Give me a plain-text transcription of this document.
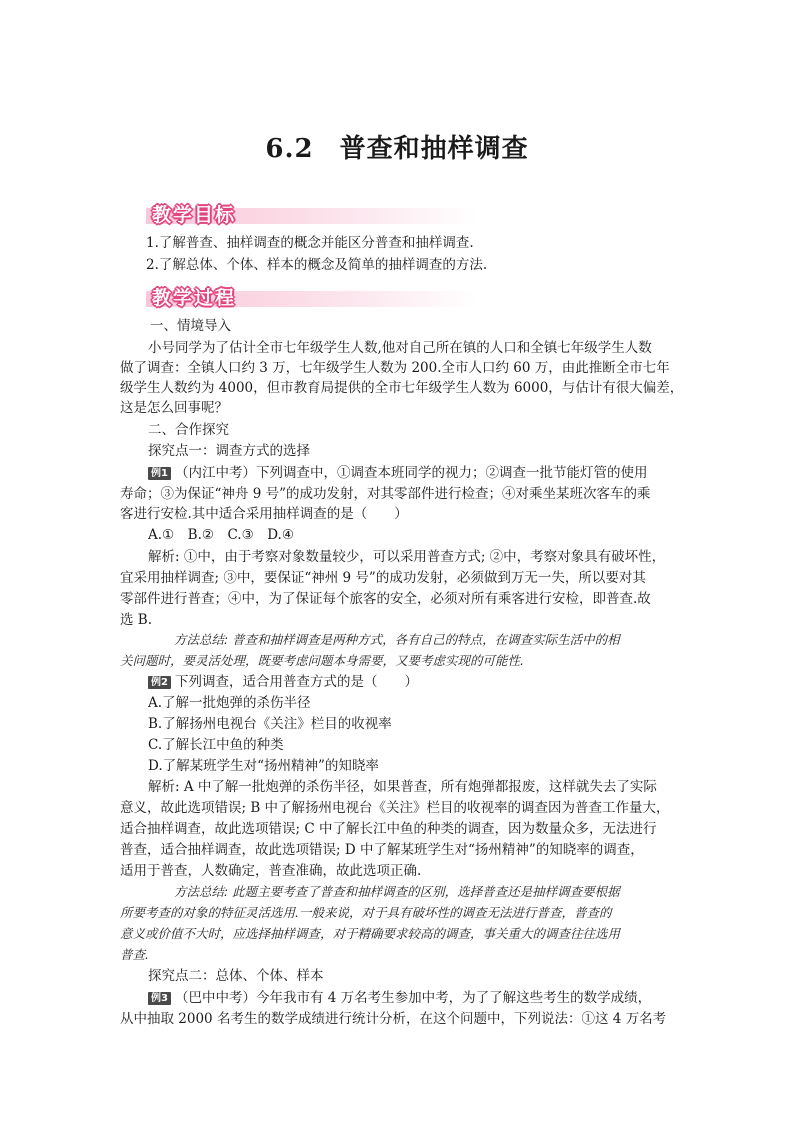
6.2 普查和抽样调查
教学目标
1.了解普查、抽样调查的概念并能区分普查和抽样调查.
2.了解总体、个体、样本的概念及简单的抽样调查的方法.
教学过程
一、情境导入
小号同学为了估计全市七年级学生人数,他对自己所在镇的人口和全镇七年级学生人数
做了调查：全镇人口约 3 万，七年级学生人数为 200.全市人口约 60 万，由此推断全市七年
级学生人数约为 4000，但市教育局提供的全市七年级学生人数为 6000，与估计有很大偏差，
这是怎么回事呢？
二、合作探究
探究点一：调查方式的选择
例1 （内江中考）下列调查中，①调查本班同学的视力；②调查一批节能灯管的使用
寿命；③为保证“神舟 9 号”的成功发射，对其零部件进行检查；④对乘坐某班次客车的乘
客进行安检.其中适合采用抽样调查的是（　　）
A.①　B.②　C.③　D.④
解析: ①中，由于考察对象数量较少，可以采用普查方式; ②中，考察对象具有破坏性，
宜采用抽样调查; ③中，要保证“神州 9 号”的成功发射，必须做到万无一失，所以要对其
零部件进行普查；④中，为了保证每个旅客的安全，必须对所有乘客进行安检，即普查.故
选 B.
方法总结: 普查和抽样调查是两种方式，各有自己的特点，在调查实际生活中的相
关问题时，要灵活处理，既要考虑问题本身需要，又要考虑实现的可能性.
例2 下列调查，适合用普查方式的是（　　）
A.了解一批炮弹的杀伤半径
B.了解扬州电视台《关注》栏目的收视率
C.了解长江中鱼的种类
D.了解某班学生对“扬州精神”的知晓率
解析: A 中了解一批炮弹的杀伤半径，如果普查，所有炮弹都报废，这样就失去了实际
意义，故此选项错误; B 中了解扬州电视台《关注》栏目的收视率的调查因为普查工作量大，
适合抽样调查，故此选项错误; C 中了解长江中鱼的种类的调查，因为数量众多，无法进行
普查，适合抽样调查，故此选项错误; D 中了解某班学生对“扬州精神”的知晓率的调查，
适用于普查，人数确定，普查准确，故此选项正确.
方法总结: 此题主要考查了普查和抽样调查的区别，选择普查还是抽样调查要根据
所要考查的对象的特征灵活选用.一般来说，对于具有破坏性的调查无法进行普查，普查的
意义或价值不大时，应选择抽样调查，对于精确要求较高的调查，事关重大的调查往往选用
普查.
探究点二：总体、个体、样本
例3 （巴中中考）今年我市有 4 万名考生参加中考，为了了解这些考生的数学成绩，
从中抽取 2000 名考生的数学成绩进行统计分析，在这个问题中，下列说法：①这 4 万名考
